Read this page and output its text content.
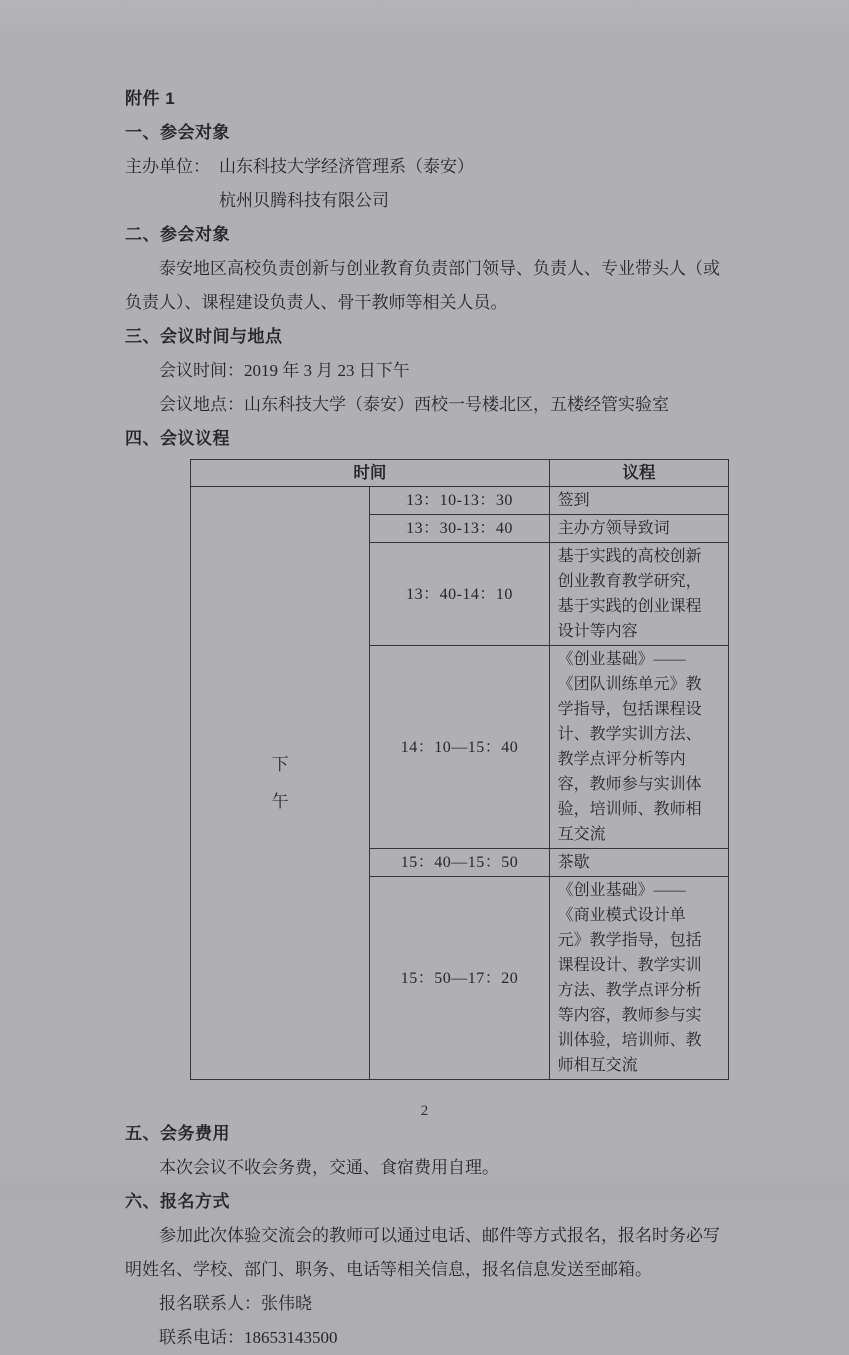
附件 1
一、参会对象
主办单位： 山东科技大学经济管理系（泰安）
杭州贝腾科技有限公司
二、参会对象
泰安地区高校负责创新与创业教育负责部门领导、负责人、专业带头人（或
负责人）、课程建设负责人、骨干教师等相关人员。
三、会议时间与地点
会议时间：2019 年 3 月 23 日下午
会议地点：山东科技大学（泰安）西校一号楼北区，五楼经管实验室
四、会议议程
时间		议程
下午	13：10-13：30	签到
	13：30-13：40	主办方领导致词
	13：40-14：10	基于实践的高校创新创业教育教学研究，基于实践的创业课程设计等内容
	14：10—15：40	《创业基础》——《团队训练单元》教学指导，包括课程设计、教学实训方法、教学点评分析等内容，教师参与实训体验，培训师、教师相互交流
	15：40—15：50	茶歇
	15：50—17：20	《创业基础》——《商业模式设计单元》教学指导，包括课程设计、教学实训方法、教学点评分析等内容，教师参与实训体验，培训师、教师相互交流
五、会务费用
本次会议不收会务费，交通、食宿费用自理。
六、报名方式
参加此次体验交流会的教师可以通过电话、邮件等方式报名，报名时务必写
明姓名、学校、部门、职务、电话等相关信息，报名信息发送至邮箱。
报名联系人：张伟晓
联系电话：18653143500
2
